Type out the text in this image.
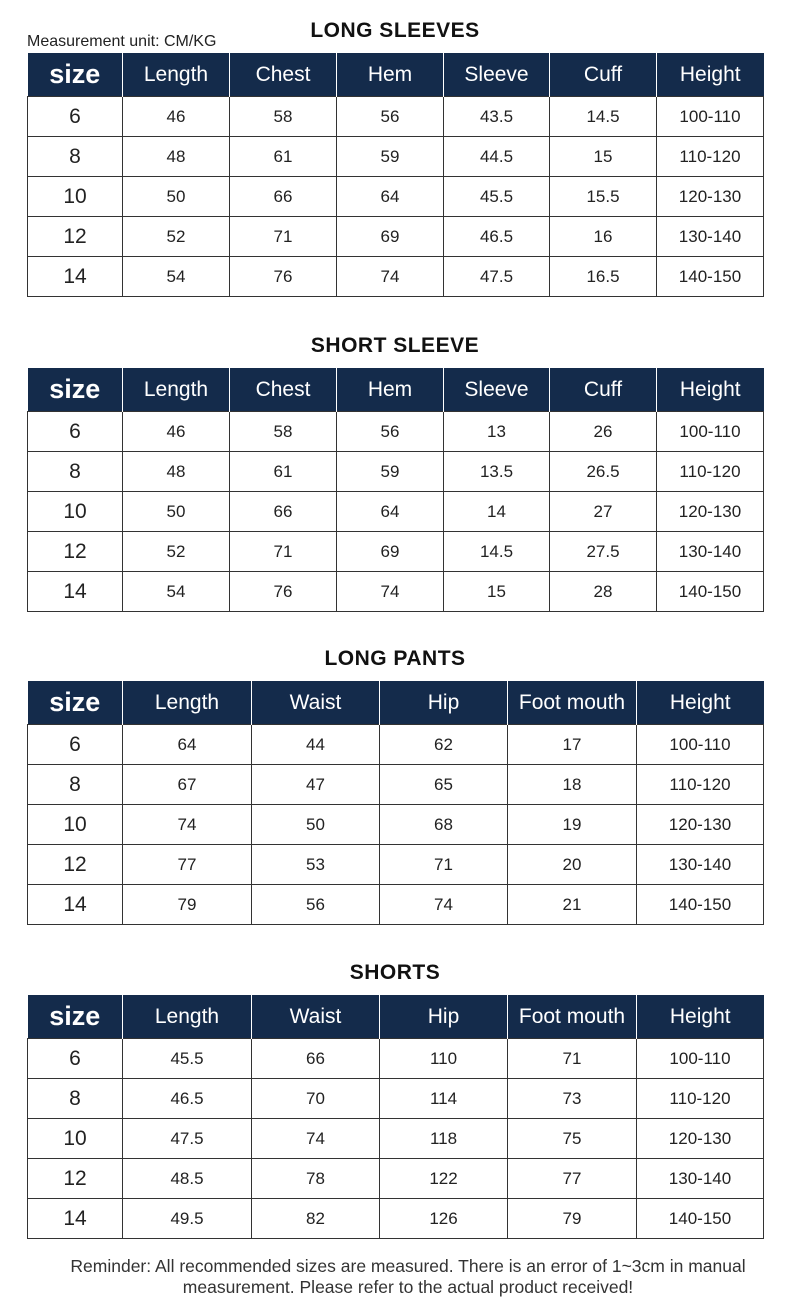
Measurement unit: CM/KG	LONG SLEEVES
size	Length	Chest	Hem	Sleeve	Cuff	Height
6	46	58	56	43.5	14.5	100-110
8	48	61	59	44.5	15	110-120
10	50	66	64	45.5	15.5	120-130
12	52	71	69	46.5	16	130-140
14	54	76	74	47.5	16.5	140-150
SHORT SLEEVE
size	Length	Chest	Hem	Sleeve	Cuff	Height
6	46	58	56	13	26	100-110
8	48	61	59	13.5	26.5	110-120
10	50	66	64	14	27	120-130
12	52	71	69	14.5	27.5	130-140
14	54	76	74	15	28	140-150
LONG PANTS
size	Length	Waist	Hip	Foot mouth	Height
6	64	44	62	17	100-110
8	67	47	65	18	110-120
10	74	50	68	19	120-130
12	77	53	71	20	130-140
14	79	56	74	21	140-150
SHORTS
size	Length	Waist	Hip	Foot mouth	Height
6	45.5	66	110	71	100-110
8	46.5	70	114	73	110-120
10	47.5	74	118	75	120-130
12	48.5	78	122	77	130-140
14	49.5	82	126	79	140-150
Reminder: All recommended sizes are measured. There is an error of 1~3cm in manual measurement. Please refer to the actual product received!
